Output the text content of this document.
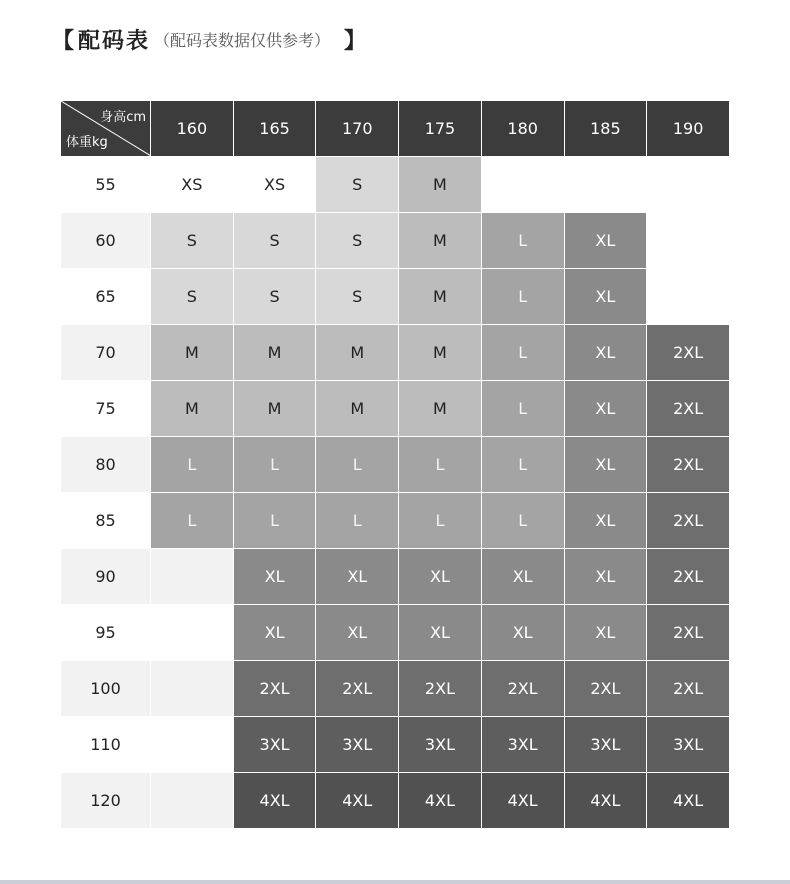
【 配码表 （配码表数据仅供参考） 】
身高cm
体重kg	160	165	170	175	180	185	190
55	XS	XS	S	M			
60	S	S	S	M	L	XL	
65	S	S	S	M	L	XL	
70	M	M	M	M	L	XL	2XL
75	M	M	M	M	L	XL	2XL
80	L	L	L	L	L	XL	2XL
85	L	L	L	L	L	XL	2XL
90		XL	XL	XL	XL	XL	2XL
95		XL	XL	XL	XL	XL	2XL
100		2XL	2XL	2XL	2XL	2XL	2XL
110		3XL	3XL	3XL	3XL	3XL	3XL
120		4XL	4XL	4XL	4XL	4XL	4XL
